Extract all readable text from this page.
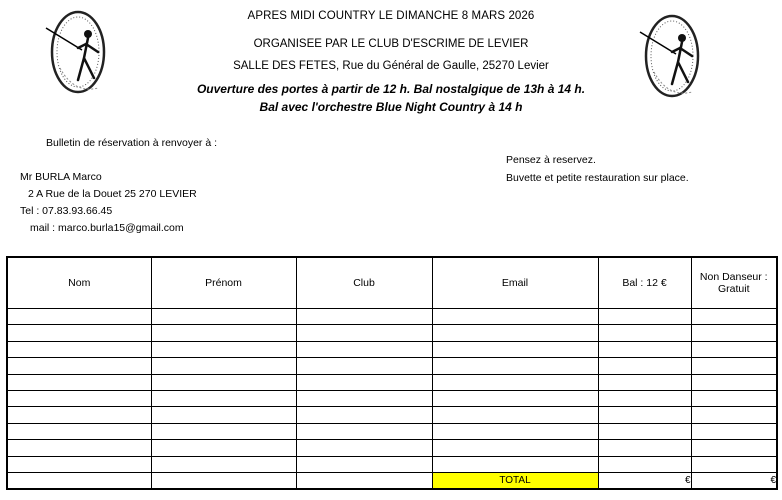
APRES MIDI COUNTRY LE DIMANCHE 8 MARS 2026
ORGANISEE PAR LE CLUB D'ESCRIME DE LEVIER
SALLE DES FETES, Rue du Général de Gaulle, 25270 Levier
Ouverture des portes à partir de 12 h. Bal nostalgique de 13h à 14 h.
Bal avec l'orchestre Blue Night Country à 14 h
Bulletin de réservation à renvoyer à :
Mr BURLA Marco
2 A Rue de la Douet 25 270 LEVIER
Tel : 07.83.93.66.45
mail : marco.burla15@gmail.com
Pensez à reservez.
Buvette et petite restauration sur place.
Nom	Prénom	Club	Email	Bal : 12 €	Non Danseur : Gratuit

			TOTAL	€	€
